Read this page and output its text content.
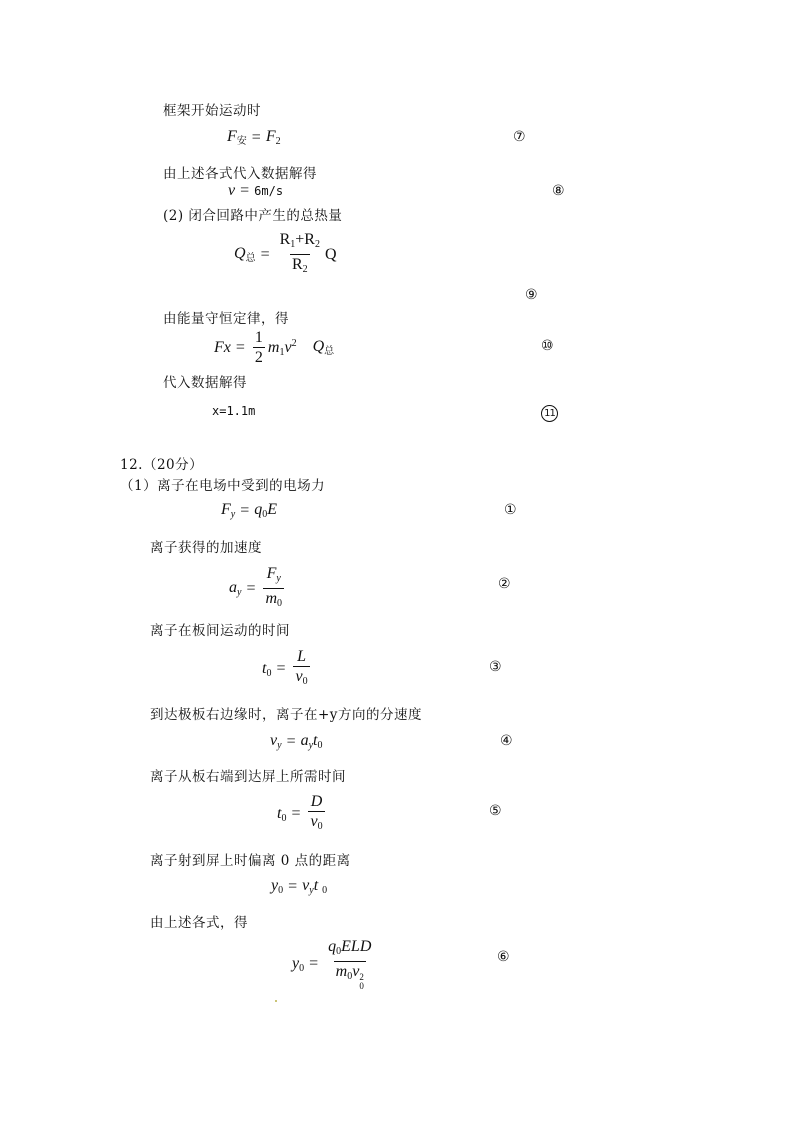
框架开始运动时
$F_安 = F_2$	⑦
由上述各式代入数据解得
v = 6m/s	⑧
(2) 闭合回路中产生的总热量
$Q_总 = \frac{R_1+R_2}{R_2}$ Q
⑨
由能量守恒定律，得
$Fx = \frac{1}{2} m_1v^2$ $Q_总$	⑩
代入数据解得
x=1.1m	11
12.（20分）
（1）离子在电场中受到的电场力
$F_y = q_0E$	①
离子获得的加速度
$a_y = \frac{F_y}{m_0}$	②
离子在板间运动的时间
$t_0 = \frac{L}{v_0}$	③
到达极板右边缘时，离子在+y方向的分速度
$v_y = a_yt_0$	④
离子从板右端到达屏上所需时间
$t_0 = \frac{D}{v_0}$	⑤
离子射到屏上时偏离 0 点的距离
$y_0 = v_yt$ $_0$
由上述各式，得
$y_0 = q_0ELD$
$m_0v$ 2
0	⑥
